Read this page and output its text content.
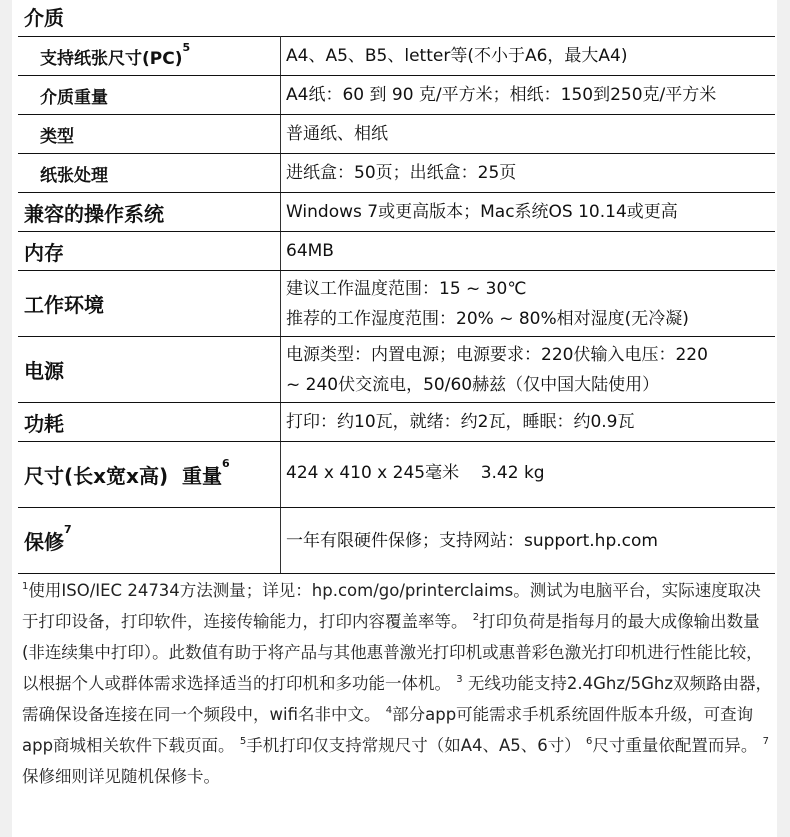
介质
支持纸张尺寸(PC)$^5$	A4、A5、B5、letter等(不小于A6，最大A4)

介质重量	A4纸：60 到 90 克/平方米；相纸：150到250克/平方米

类型	普通纸、相纸

纸张处理	进纸盒：50页；出纸盒：25页

兼容的操作系统	Windows 7或更高版本；Mac系统OS 10.14或更高

内存	64MB

工作环境	建议工作温度范围：15 ~ 30℃
推荐的工作湿度范围：20% ~ 80%相对湿度(无冷凝)

电源	电源类型：内置电源；电源要求：220伏输入电压：220
~ 240伏交流电，50/60赫兹（仅中国大陆使用）

功耗	打印：约10瓦，就绪：约2瓦，睡眠：约0.9瓦

尺寸(长x宽x高)  重量$^6$	424 x 410 x 245毫米    3.42 kg

保修$^7$	一年有限硬件保修；支持网站：support.hp.com
$^1$使用ISO/IEC 24734方法测量；详见：hp.com/go/printerclaims。测试为电脑平台，实际速度取决于打印设备，打印软件，连接传输能力，打印内容覆盖率等。 $^2$打印负荷是指每月的最大成像输出数量(非连续集中打印）。此数值有助于将产品与其他惠普激光打印机或惠普彩色激光打印机进行性能比较，以根据个人或群体需求选择适当的打印机和多功能一体机。 $^3$ 无线功能支持2.4Ghz/5Ghz双频路由器，需确保设备连接在同一个频段中，wifi名非中文。 $^4$部分app可能需求手机系统固件版本升级，可查询app商城相关软件下载页面。 $^5$手机打印仅支持常规尺寸（如A4、A5、6寸） $^6$尺寸重量依配置而异。 $^7$保修细则详见随机保修卡。
